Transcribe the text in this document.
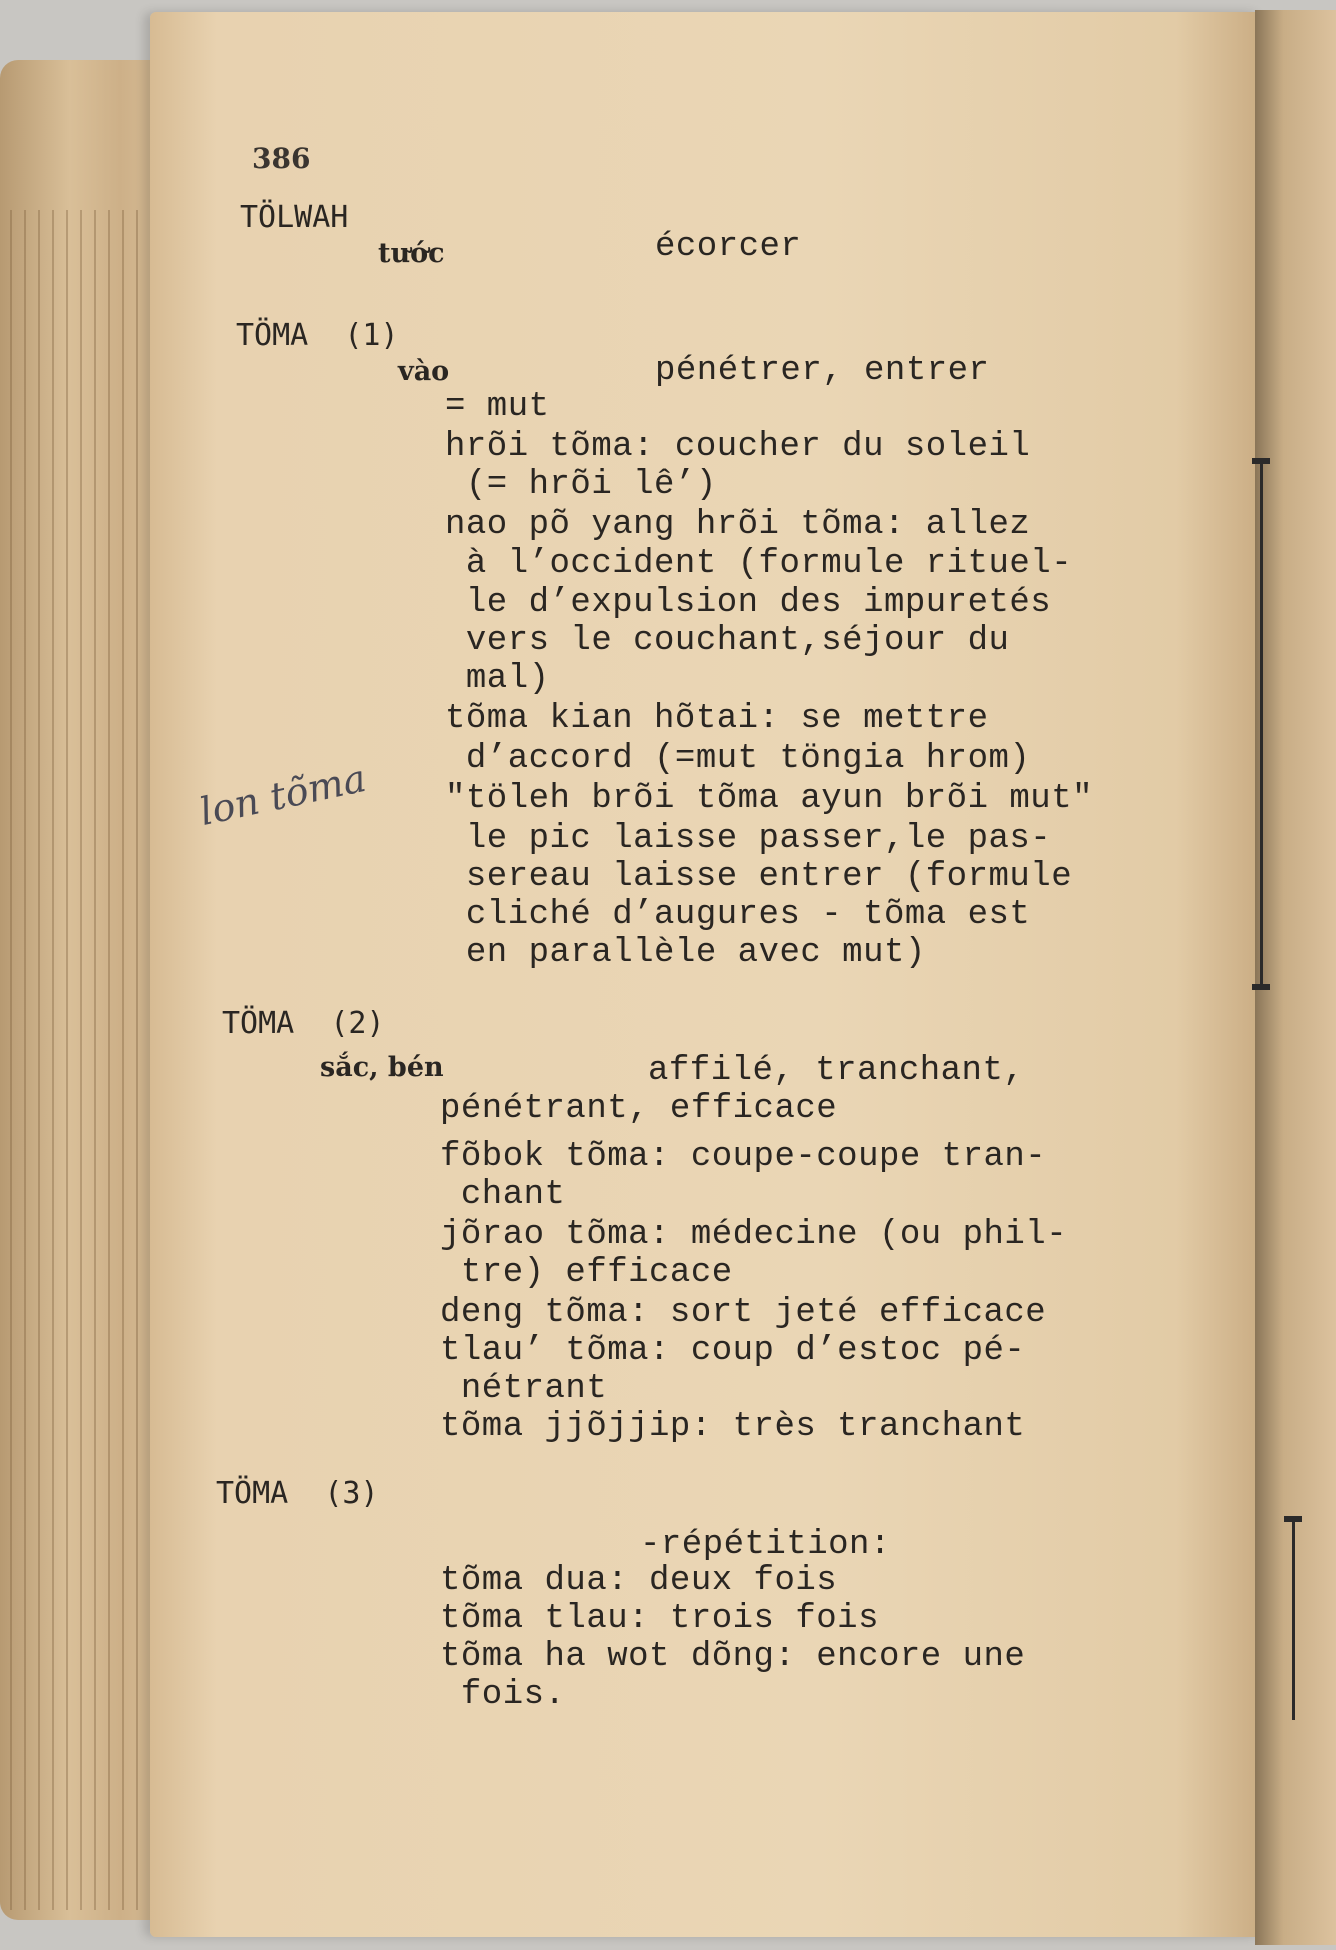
386
TÖLWAH
tước	écorcer
TÖMA  (1)
vào	pénétrer, entrer
= mut
hrõi tõma: coucher du soleil
(= hrõi lê’)
nao põ yang hrõi tõma: allez
à l’occident (formule rituel-
le d’expulsion des impuretés
vers le couchant,séjour du
mal)
tõma kian hõtai: se mettre
d’accord (=mut töngia hrom)
"töleh brõi tõma ayun brõi mut"
le pic laisse passer,le pas-
sereau laisse entrer (formule
cliché d’augures - tõma est
en parallèle avec mut)
lon tõma
TÖMA  (2)
sắc, bén	affilé, tranchant,
pénétrant, efficace
fõbok tõma: coupe-coupe tran-
chant
jõrao tõma: médecine (ou phil-
tre) efficace
deng tõma: sort jeté efficace
tlau’ tõma: coup d’estoc pé-
nétrant
tõma jjõjjip: très tranchant
TÖMA  (3)
-répétition:
tõma dua: deux fois
tõma tlau: trois fois
tõma ha wot dõng: encore une
fois.
